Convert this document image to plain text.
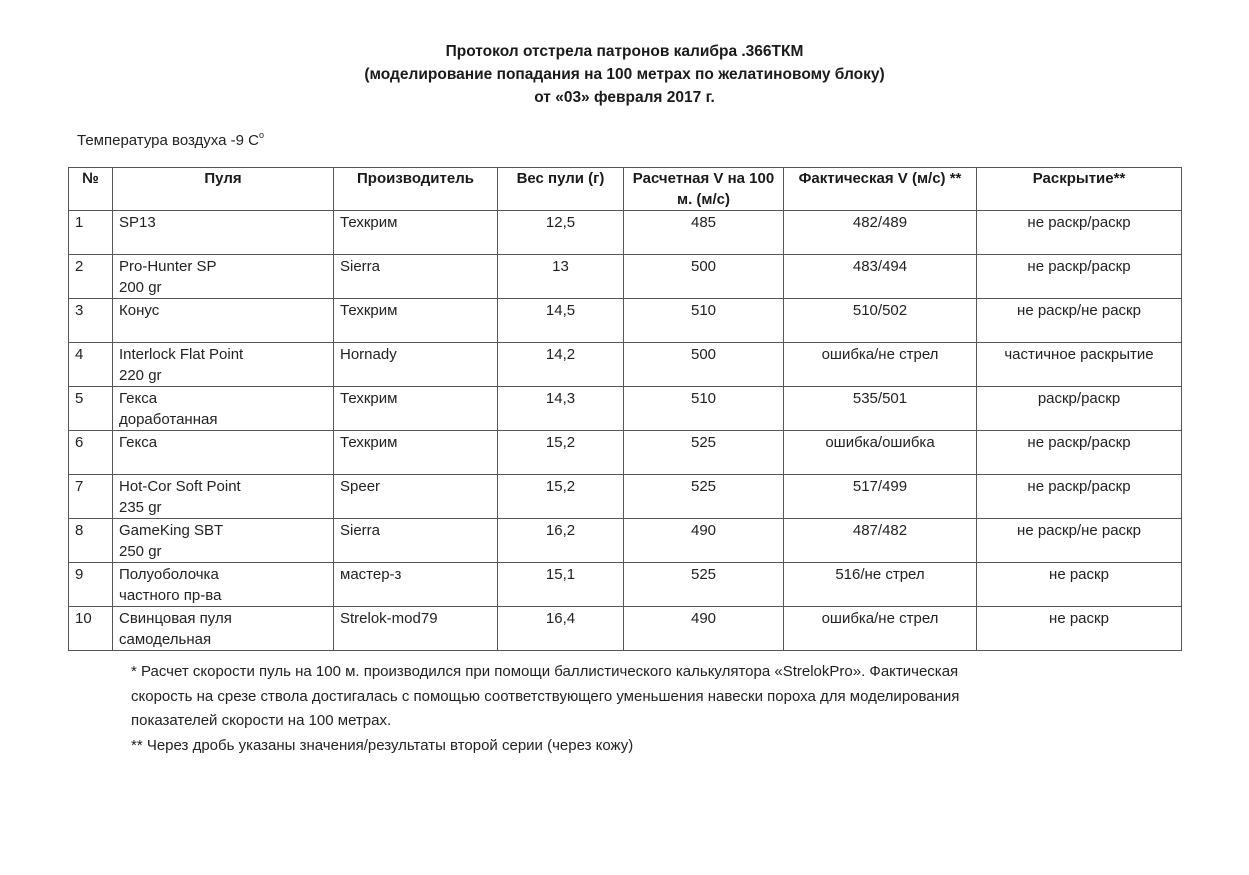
Протокол отстрела патронов калибра .366ТКМ
(моделирование попадания на 100 метрах по желатиновому блоку)
от «03» февраля 2017 г.
Температура воздуха -9 $С^о$
№	Пуля	Производитель	Вес пули (г)	Расчетная V на 100 м. (м/с)	Фактическая V (м/с) **	Раскрытие**

1	SP13	Техкрим	12,5	485	482/489	не раскр/раскр

2	Pro-Hunter SP
200 gr	Sierra	13	500	483/494	не раскр/раскр

3	Конус	Техкрим	14,5	510	510/502	не раскр/не раскр

4	Interlock Flat Point
220 gr	Hornady	14,2	500	ошибка/не стрел	частичное раскрытие

5	Гекса
доработанная	Техкрим	14,3	510	535/501	раскр/раскр

6	Гекса	Техкрим	15,2	525	ошибка/ошибка	не раскр/раскр

7	Hot-Cor Soft Point
235 gr	Speer	15,2	525	517/499	не раскр/раскр

8	GameKing SBT
250 gr	Sierra	16,2	490	487/482	не раскр/не раскр

9	Полуоболочка
частного пр-ва	мастер-з	15,1	525	516/не стрел	не раскр

10	Свинцовая пуля
самодельная	Strelok-mod79	16,4	490	ошибка/не стрел	не раскр
* Расчет скорости пуль на 100 м. производился при помощи баллистического калькулятора «StrelokPro». Фактическая
скорость на срезе ствола достигалась с помощью соответствующего уменьшения навески пороха для моделирования
показателей скорости на 100 метрах.
** Через дробь указаны значения/результаты второй серии (через кожу)
